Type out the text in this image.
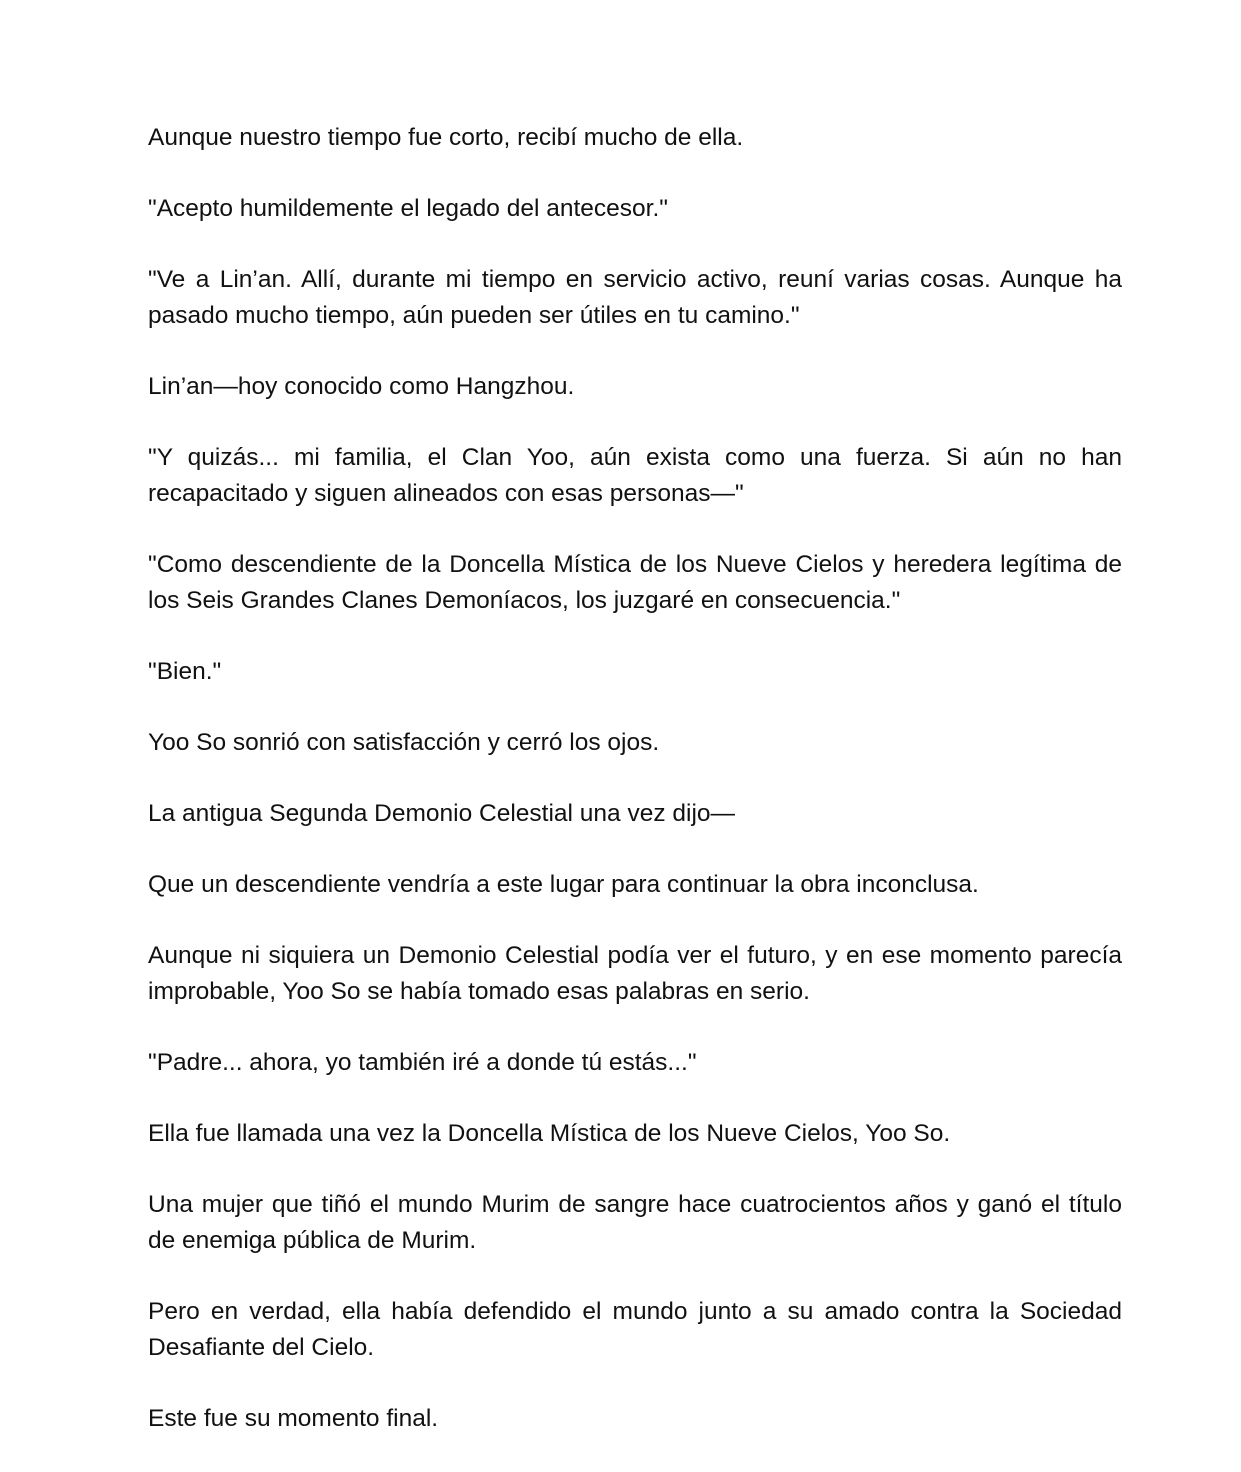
Aunque nuestro tiempo fue corto, recibí mucho de ella.

"Acepto humildemente el legado del antecesor."

"Ve a Lin’an. Allí, durante mi tiempo en servicio activo, reuní varias cosas. Aunque ha pasado mucho tiempo, aún pueden ser útiles en tu camino."

Lin’an—hoy conocido como Hangzhou.

"Y quizás... mi familia, el Clan Yoo, aún exista como una fuerza. Si aún no han recapacitado y siguen alineados con esas personas—"

"Como descendiente de la Doncella Mística de los Nueve Cielos y heredera legítima de los Seis Grandes Clanes Demoníacos, los juzgaré en consecuencia."

"Bien."

Yoo So sonrió con satisfacción y cerró los ojos.

La antigua Segunda Demonio Celestial una vez dijo—

Que un descendiente vendría a este lugar para continuar la obra inconclusa.

Aunque ni siquiera un Demonio Celestial podía ver el futuro, y en ese momento parecía improbable, Yoo So se había tomado esas palabras en serio.

"Padre... ahora, yo también iré a donde tú estás..."

Ella fue llamada una vez la Doncella Mística de los Nueve Cielos, Yoo So.

Una mujer que tiñó el mundo Murim de sangre hace cuatrocientos años y ganó el título de enemiga pública de Murim.

Pero en verdad, ella había defendido el mundo junto a su amado contra la Sociedad Desafiante del Cielo.

Este fue su momento final.
